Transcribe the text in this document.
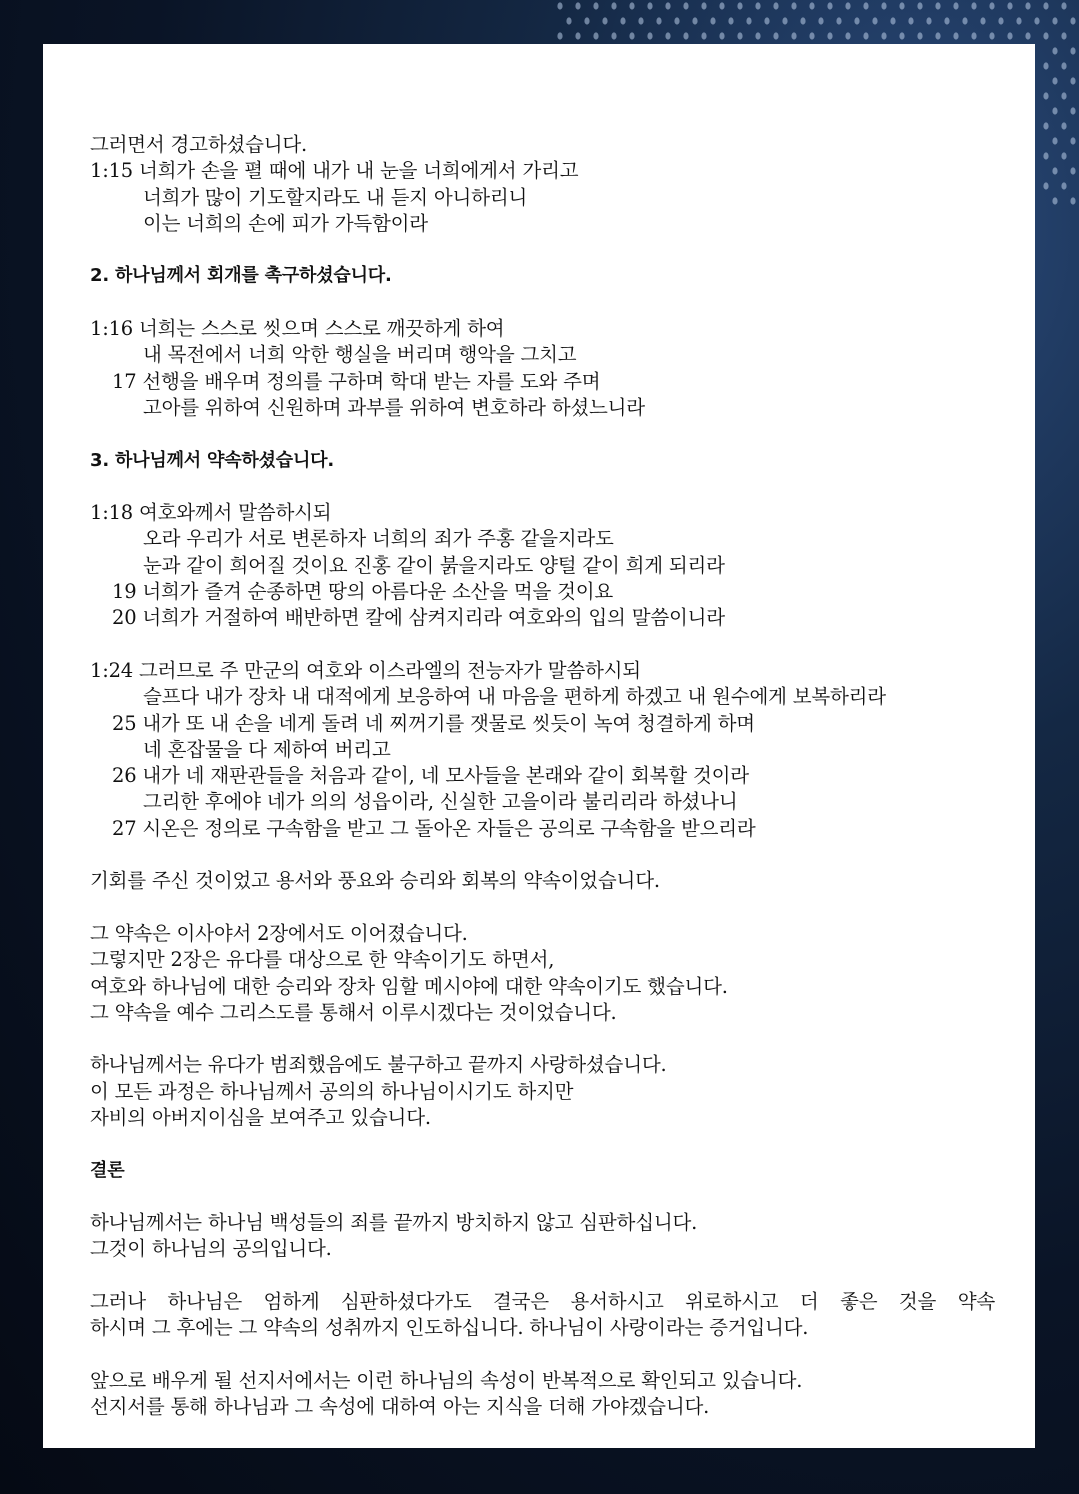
그러면서 경고하셨습니다.
1:15 너희가 손을 펼 때에 내가 내 눈을 너희에게서 가리고
너희가 많이 기도할지라도 내 듣지 아니하리니
이는 너희의 손에 피가 가득함이라
2. 하나님께서 회개를 촉구하셨습니다.
1:16 너희는 스스로 씻으며 스스로 깨끗하게 하여
내 목전에서 너희 악한 행실을 버리며 행악을 그치고
17 선행을 배우며 정의를 구하며 학대 받는 자를 도와 주며
고아를 위하여 신원하며 과부를 위하여 변호하라 하셨느니라
3. 하나님께서 약속하셨습니다.
1:18 여호와께서 말씀하시되
오라 우리가 서로 변론하자 너희의 죄가 주홍 같을지라도
눈과 같이 희어질 것이요 진홍 같이 붉을지라도 양털 같이 희게 되리라
19 너희가 즐겨 순종하면 땅의 아름다운 소산을 먹을 것이요
20 너희가 거절하여 배반하면 칼에 삼켜지리라 여호와의 입의 말씀이니라
1:24 그러므로 주 만군의 여호와 이스라엘의 전능자가 말씀하시되
슬프다 내가 장차 내 대적에게 보응하여 내 마음을 편하게 하겠고 내 원수에게 보복하리라
25 내가 또 내 손을 네게 돌려 네 찌꺼기를 잿물로 씻듯이 녹여 청결하게 하며
네 혼잡물을 다 제하여 버리고
26 내가 네 재판관들을 처음과 같이, 네 모사들을 본래와 같이 회복할 것이라
그리한 후에야 네가 의의 성읍이라, 신실한 고을이라 불리리라 하셨나니
27 시온은 정의로 구속함을 받고 그 돌아온 자들은 공의로 구속함을 받으리라
기회를 주신 것이었고 용서와 풍요와 승리와 회복의 약속이었습니다.
그 약속은 이사야서 2장에서도 이어졌습니다.
그렇지만 2장은 유다를 대상으로 한 약속이기도 하면서,
여호와 하나님에 대한 승리와 장차 임할 메시야에 대한 약속이기도 했습니다.
그 약속을 예수 그리스도를 통해서 이루시겠다는 것이었습니다.
하나님께서는 유다가 범죄했음에도 불구하고 끝까지 사랑하셨습니다.
이 모든 과정은 하나님께서 공의의 하나님이시기도 하지만
자비의 아버지이심을 보여주고 있습니다.
결론
하나님께서는 하나님 백성들의 죄를 끝까지 방치하지 않고 심판하십니다.
그것이 하나님의 공의입니다.
그러나 하나님은 엄하게 심판하셨다가도 결국은 용서하시고 위로하시고 더 좋은 것을 약속
하시며 그 후에는 그 약속의 성취까지 인도하십니다. 하나님이 사랑이라는 증거입니다.
앞으로 배우게 될 선지서에서는 이런 하나님의 속성이 반복적으로 확인되고 있습니다.
선지서를 통해 하나님과 그 속성에 대하여 아는 지식을 더해 가야겠습니다.
